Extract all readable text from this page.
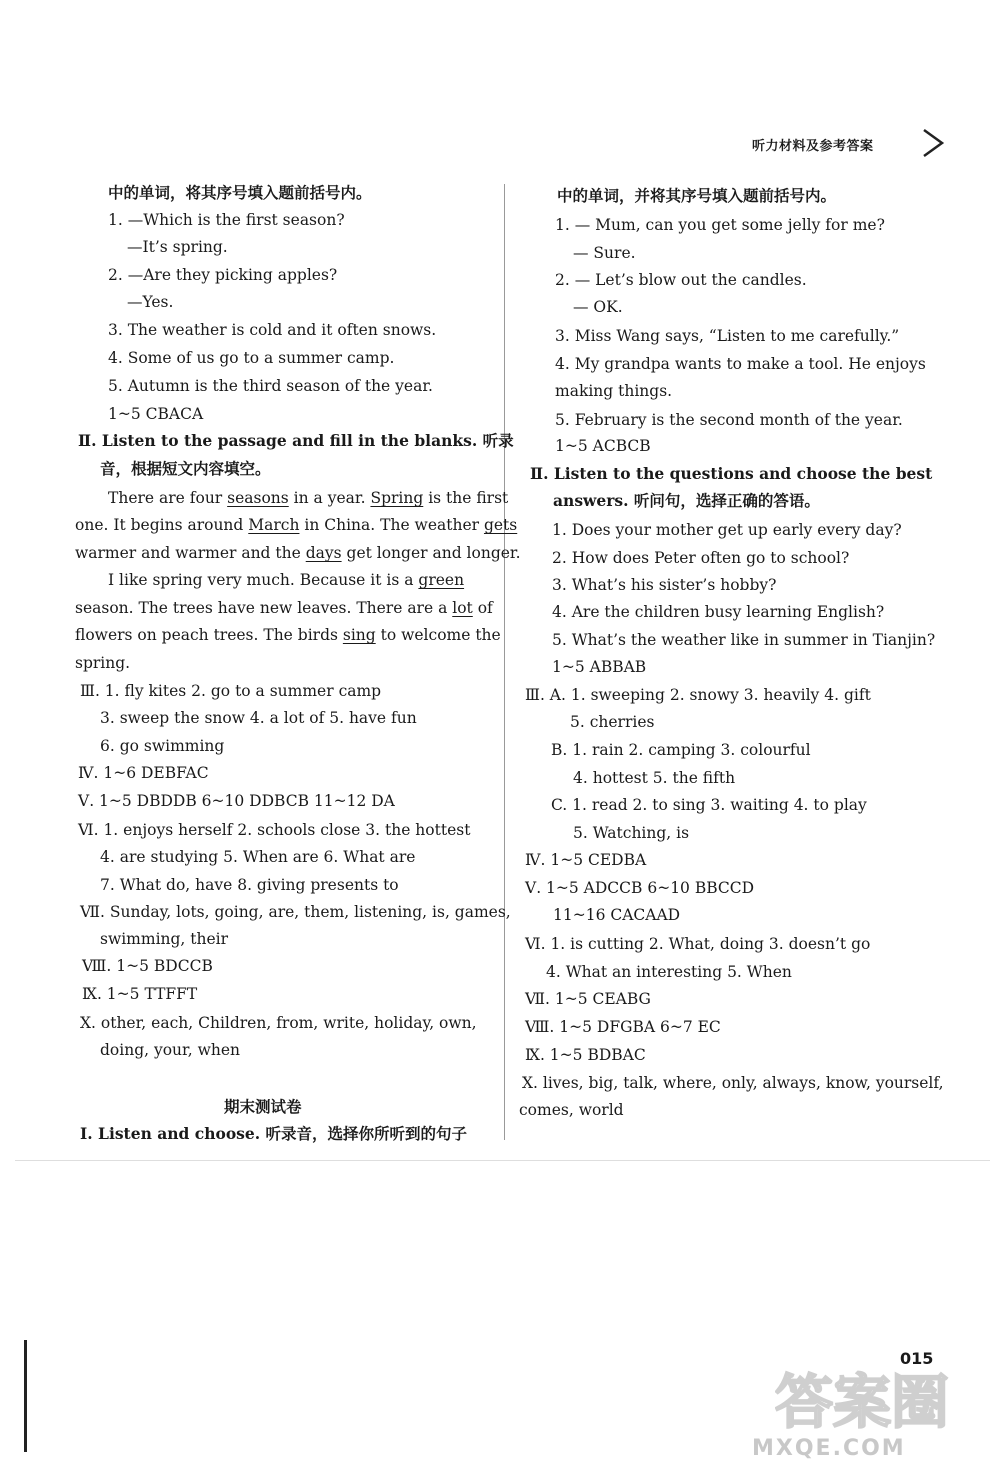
听力材料及参考答案
中的单词，将其序号填入题前括号内。
1. —Which is the first season?
—It’s spring.
2. —Are they picking apples?
—Yes.
3. The weather is cold and it often snows.
4. Some of us go to a summer camp.
5. Autumn is the third season of the year.
1~5 CBACA
Ⅱ. Listen to the passage and fill in the blanks. 听录
音，根据短文内容填空。
There are four seasons in a year. Spring is the first
one. It begins around March in China. The weather gets
warmer and warmer and the days get longer and longer.
I like spring very much. Because it is a green
season. The trees have new leaves. There are a lot of
flowers on peach trees. The birds sing to welcome the
spring.
Ⅲ. 1. fly kites 2. go to a summer camp
3. sweep the snow 4. a lot of 5. have fun
6. go swimming
Ⅳ. 1~6 DEBFAC
Ⅴ. 1~5 DBDDB 6~10 DDBCB 11~12 DA
Ⅵ. 1. enjoys herself 2. schools close 3. the hottest
4. are studying 5. When are 6. What are
7. What do, have 8. giving presents to
Ⅶ. Sunday, lots, going, are, them, listening, is, games,
swimming, their
Ⅷ. 1~5 BDCCB
Ⅸ. 1~5 TTFFT
Ⅹ. other, each, Children, from, write, holiday, own,
doing, your, when
期末测试卷
Ⅰ. Listen and choose. 听录音，选择你所听到的句子
中的单词，并将其序号填入题前括号内。
1. — Mum, can you get some jelly for me?
— Sure.
2. — Let’s blow out the candles.
— OK.
3. Miss Wang says, “Listen to me carefully.”
4. My grandpa wants to make a tool. He enjoys
making things.
5. February is the second month of the year.
1~5 ACBCB
Ⅱ. Listen to the questions and choose the best
answers. 听问句，选择正确的答语。
1. Does your mother get up early every day?
2. How does Peter often go to school?
3. What’s his sister’s hobby?
4. Are the children busy learning English?
5. What’s the weather like in summer in Tianjin?
1~5 ABBAB
Ⅲ. A. 1. sweeping 2. snowy 3. heavily 4. gift
5. cherries
B. 1. rain 2. camping 3. colourful
4. hottest 5. the fifth
C. 1. read 2. to sing 3. waiting 4. to play
5. Watching, is
Ⅳ. 1~5 CEDBA
Ⅴ. 1~5 ADCCB 6~10 BBCCD
11~16 CACAAD
Ⅵ. 1. is cutting 2. What, doing 3. doesn’t go
4. What an interesting 5. When
Ⅶ. 1~5 CEABG
Ⅷ. 1~5 DFGBA 6~7 EC
Ⅸ. 1~5 BDBAC
Ⅹ. lives, big, talk, where, only, always, know, yourself,
comes, world
015
答案圈
MXQE.COM
